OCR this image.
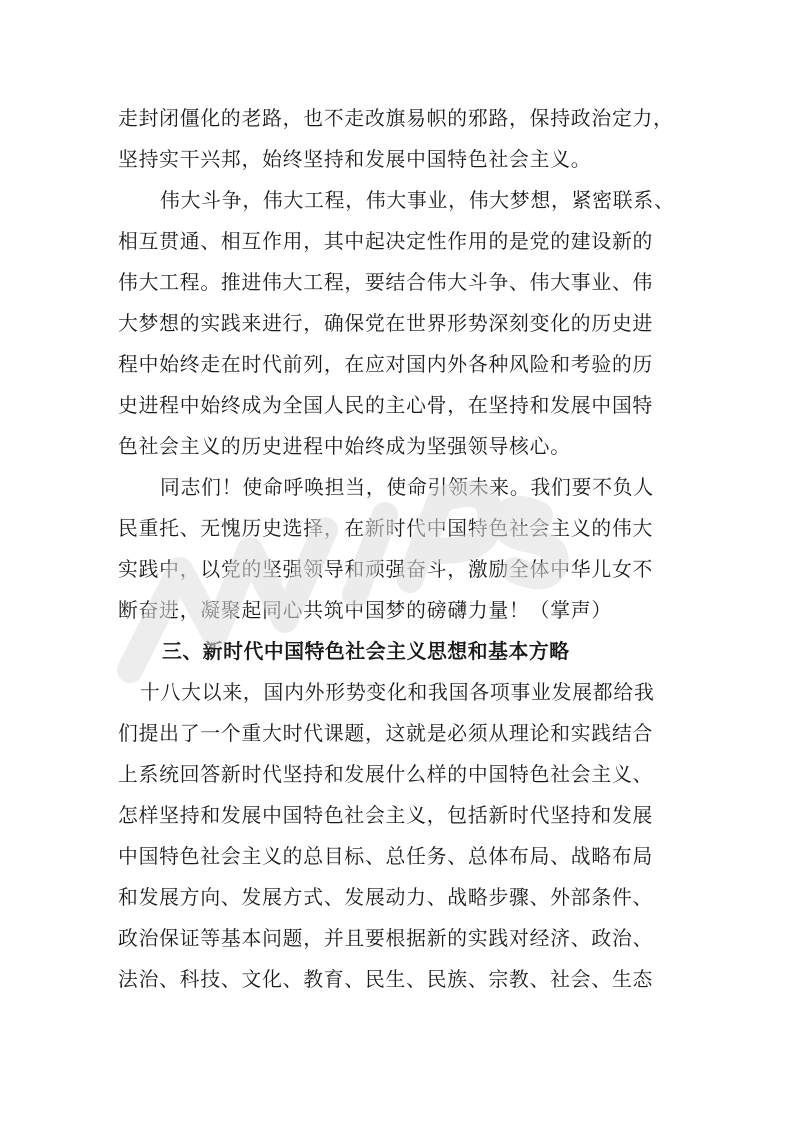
走封闭僵化的老路，也不走改旗易帜的邪路，保持政治定力，
坚持实干兴邦，始终坚持和发展中国特色社会主义。
伟大斗争，伟大工程，伟大事业，伟大梦想，紧密联系、
相互贯通、相互作用，其中起决定性作用的是党的建设新的
伟大工程。推进伟大工程，要结合伟大斗争、伟大事业、伟
大梦想的实践来进行，确保党在世界形势深刻变化的历史进
程中始终走在时代前列，在应对国内外各种风险和考验的历
史进程中始终成为全国人民的主心骨，在坚持和发展中国特
色社会主义的历史进程中始终成为坚强领导核心。
同志们！使命呼唤担当，使命引领未来。我们要不负人
民重托、无愧历史选择，在新时代中国特色社会主义的伟大
实践中，以党的坚强领导和顽强奋斗，激励全体中华儿女不
断奋进，凝聚起同心共筑中国梦的磅礴力量！（掌声）
三、新时代中国特色社会主义思想和基本方略
十八大以来，国内外形势变化和我国各项事业发展都给我
们提出了一个重大时代课题，这就是必须从理论和实践结合
上系统回答新时代坚持和发展什么样的中国特色社会主义、
怎样坚持和发展中国特色社会主义，包括新时代坚持和发展
中国特色社会主义的总目标、总任务、总体布局、战略布局
和发展方向、发展方式、发展动力、战略步骤、外部条件、
政治保证等基本问题，并且要根据新的实践对经济、政治、
法治、科技、文化、教育、民生、民族、宗教、社会、生态
